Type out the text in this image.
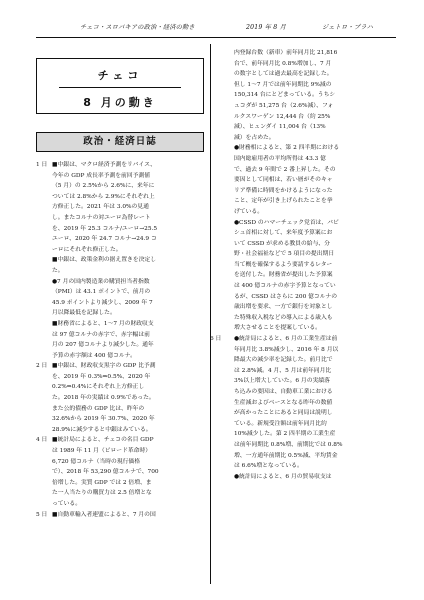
チェコ・スロバキアの政治・経済の動き	2019 年 8 月	ジェトロ・プラハ
チェコ
8 月の動き
政治・経済日誌
1 日 ■中銀は、マクロ経済予測をリバイス、
今年の GDP 成長率予測を前回予測値
（5 月）の 2.5%から 2.6%に、来年に
ついては 2.8%から 2.9%にそれぞれ上
方修正した。2021 年は 3.0%の見通
し。またコルナの対ユーロ為替レート
を、2019 年 25.3 コルナ/ユーロ→25.5
ユーロ、2020 年 24.7 コルナ→24.9 コ
ーロにそれぞれ修正した。
■中銀は、政策金利の据え置きを決定し
た。
●7 月の国内製造業の購買担当者指数
（PMI）は 43.1 ポイントで、前月の
45.9 ポイントより減少し、2009 年 7
月以降最低を記録した。
■財務省によると、1～7 月の財政収支
は 97 億コルナの赤字で、赤字幅は前
月の 207 億コルナより減少した。通年
予算の赤字額は 400 億コルナ。
2 日 ■中銀は、財政収支黒字の GDP 比予測
を、2019 年 0.3%⇒0.5%、2020 年
0.2%⇒0.4%にそれぞれ上方修正し
た。2018 年の実績は 0.9%であった。
また公的債務の GDP 比は、昨年の
32.6%から 2019 年 30.7%、2020 年
28.9%に減少すると中銀はみている。
4 日 ■統計局によると、チェコの名目 GDP
は 1989 年 11 月（ビロード革命時）
6,720 億コルナ（当時の現行価格
で）、2018 年 53,290 億コルナで、700
倍増した。実質 GDP では 2 倍増、ま
た一人当たりの購買力は 2.5 倍増とな
っている。
5 日 ■自動車輸入者連盟によると、7 月の国
内登録台数（新車）前年同月比 21,816
台で、前年同月比 0.8%増加し、7 月
の数字としては過去最高を記録した。
但し 1～7 月では前年同期比 9%減の
150,314 台にとどまっている。うちシ
ュコダが 51,275 台（2.6%減）、フォ
ルクスワーゲン 12,444 台（約 25%
減）、ヒュンダイ 11,004 台（13%
減）を占めた。
●財務相によると、第 2 四半期における
国内総雇用者の平均所得は 43.3 億
で、過去 9 年間で 2 番上昇した。その
要因として同相は、若い層がそのキャ
リア準備に時間をかけるようになった
こと、定年が引き上げられたことを挙
げている。
●CSSD のハマーチェック党首は、バビ
シュ首相に対して、来年度予算案にお
いて CSSD が求める教員の給与、分
野・社会福祉などで 5 項目の提出期日
当て概を確保するよう要請するレター
を送付した。財務省が提出した予算案
は 400 億コルナの赤字予算となってい
るが、CSSD はさらに 200 億コルナの
歳出増を要求、一方で銀行を対象とし
た特殊収入税などの導入による歳入も
増大させることを提案している。
6 日 ●統計局によると、6 月の工業生産は前
年同月比 3.8%減少し、2016 年 8 月以
降最大の減少率を記録した。前月比で
は 2.8%減。4 月、5 月は前年同月比
3%以上増大していた。6 月の実績落
ち込みの要因は、自動車工業における
生産減およびベースとなる昨年の数値
が高かったことにあると同局は説明し
ている。新規受注額は前年同月比約
10%減少した。第 2 四半期の工業生産
は前年同期比 0.8%増、前期比では 0.8%
増、一方通年前期比 0.5%減、平均賃金
は 6.6%増となっている。
●統計局によると、6 月の貿易収支は
